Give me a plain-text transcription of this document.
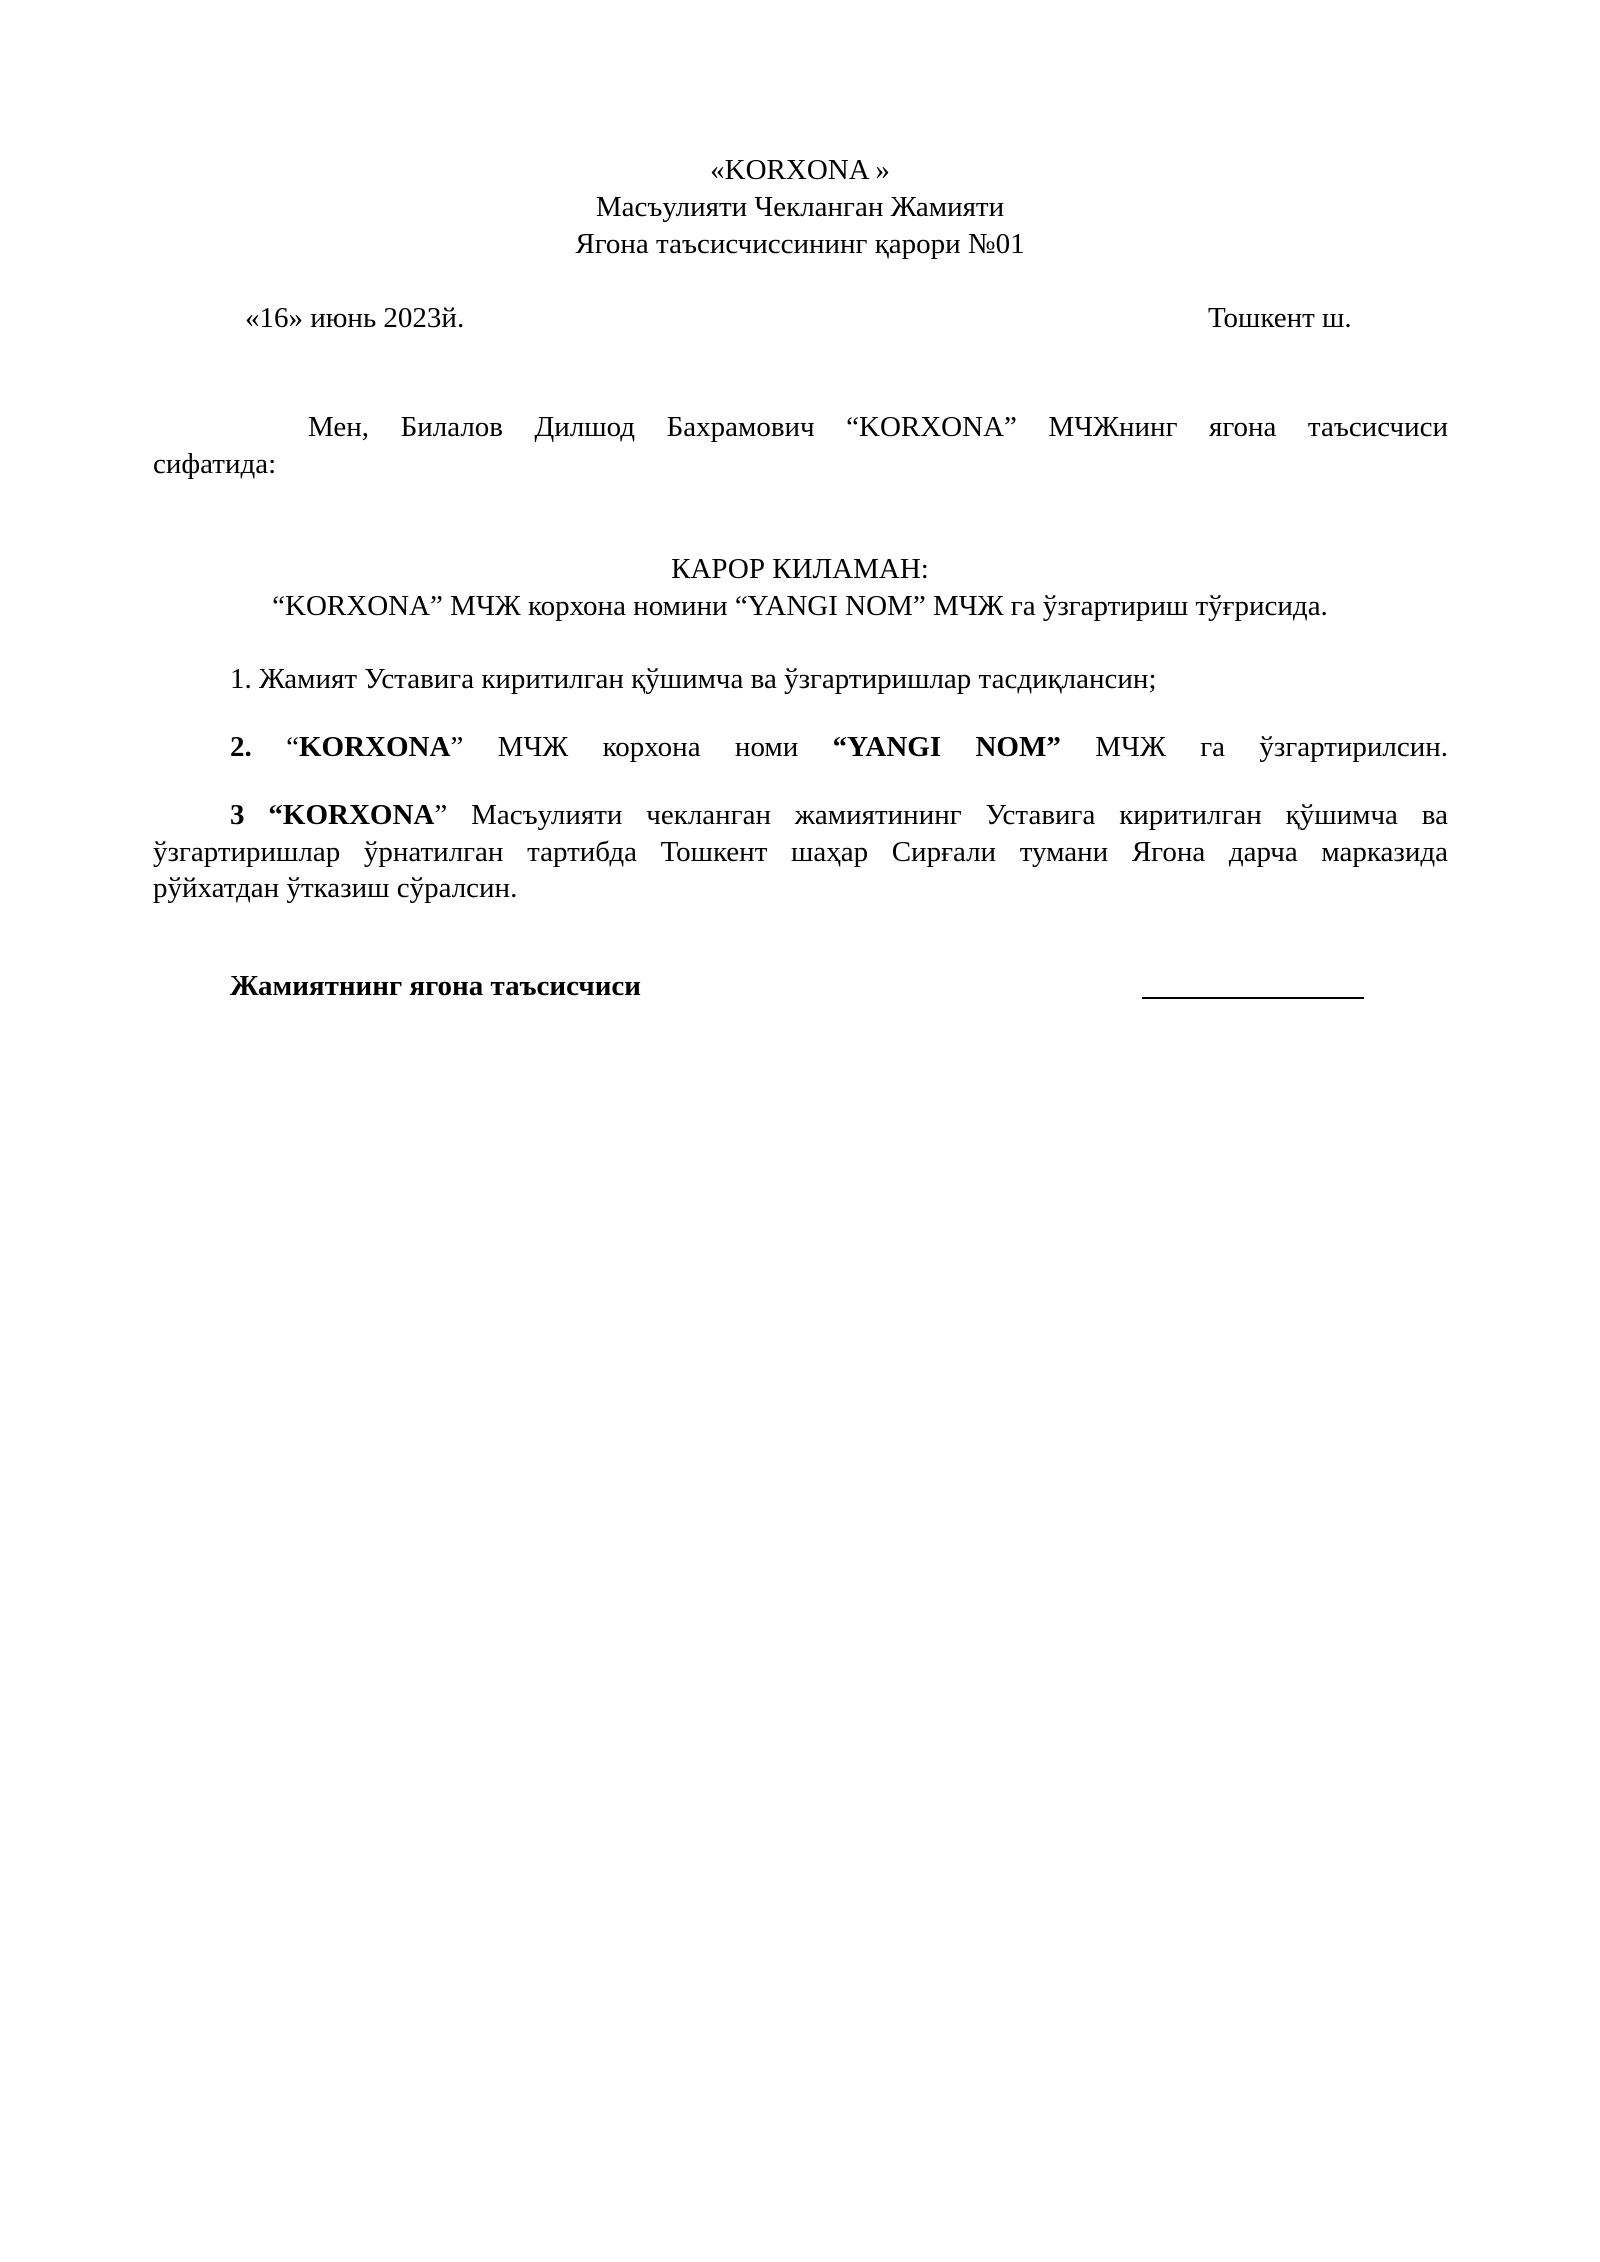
«KORXONA »
Масъулияти Чекланган Жамияти
Ягона таъсисчиссининг қарори №01
«16» июнь 2023й.	Тошкент ш.
Мен, Билалов Дилшод Бахрамович “KORXONA” МЧЖнинг ягона таъсисчиси
сифатида:
КАРОР КИЛАМАН:
“KORXONA” МЧЖ корхона номини “YANGI NOM” МЧЖ га ўзгартириш тўғрисида.
1. Жамият Уставига киритилган қўшимча ва ўзгартиришлар тасдиқлансин;
2. “KORXONA” МЧЖ корхона номи “YANGI NOM” МЧЖ га ўзгартирилсин.
3 “KORXONA” Масъулияти чекланган жамиятининг Уставига киритилган қўшимча ва
ўзгартиришлар ўрнатилган тартибда Тошкент шаҳар Сирғали тумани Ягона дарча марказида
рўйхатдан ўтказиш сўралсин.
Жамиятнинг ягона таъсисчиси
